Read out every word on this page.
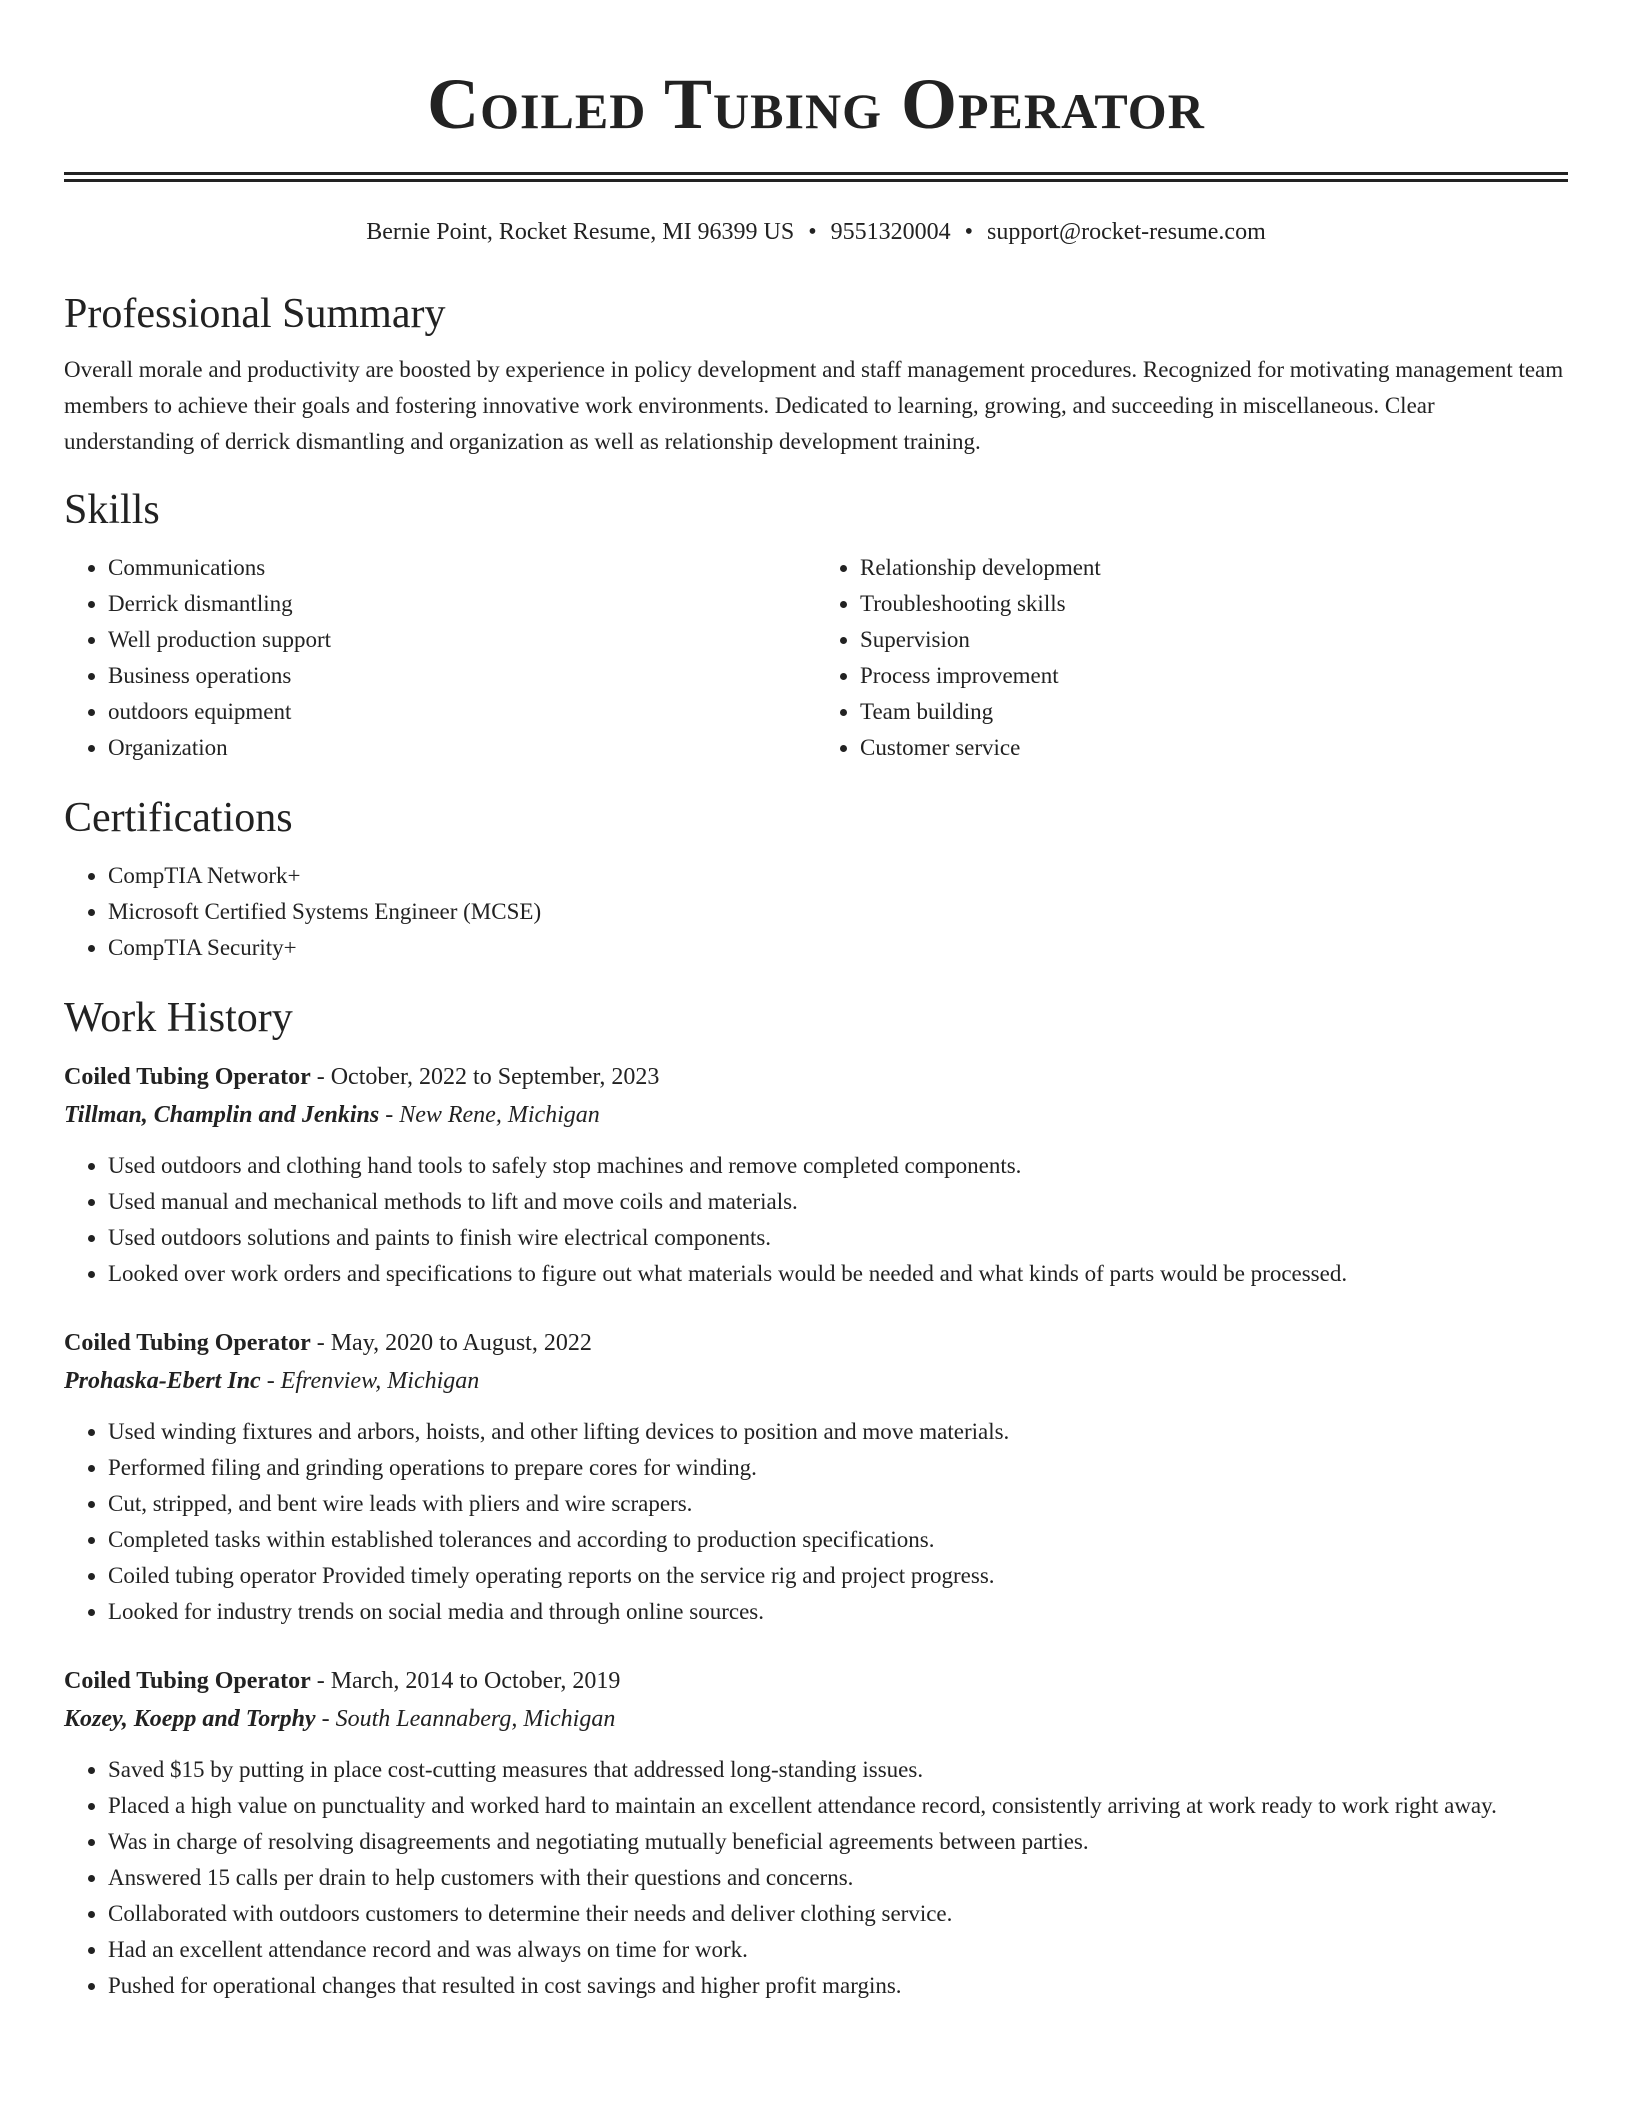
Coiled Tubing Operator
Bernie Point, Rocket Resume, MI 96399 US • 9551320004 • support@rocket-resume.com
Professional Summary

Overall morale and productivity are boosted by experience in policy development and staff management procedures. Recognized for motivating management team members to achieve their goals and fostering innovative work environments. Dedicated to learning, growing, and succeeding in miscellaneous. Clear understanding of derrick dismantling and organization as well as relationship development training.

Skills
• Communications
• Derrick dismantling
• Well production support
• Business operations
• outdoors equipment
• Organization
• Relationship development
• Troubleshooting skills
• Supervision
• Process improvement
• Team building
• Customer service
Certifications
• CompTIA Network+
• Microsoft Certified Systems Engineer (MCSE)
• CompTIA Security+
Work History
Coiled Tubing Operator - October, 2022 to September, 2023
Tillman, Champlin and Jenkins - New Rene, Michigan
• Used outdoors and clothing hand tools to safely stop machines and remove completed components.
• Used manual and mechanical methods to lift and move coils and materials.
• Used outdoors solutions and paints to finish wire electrical components.
• Looked over work orders and specifications to figure out what materials would be needed and what kinds of parts would be processed.
Coiled Tubing Operator - May, 2020 to August, 2022
Prohaska-Ebert Inc - Efrenview, Michigan
• Used winding fixtures and arbors, hoists, and other lifting devices to position and move materials.
• Performed filing and grinding operations to prepare cores for winding.
• Cut, stripped, and bent wire leads with pliers and wire scrapers.
• Completed tasks within established tolerances and according to production specifications.
• Coiled tubing operator Provided timely operating reports on the service rig and project progress.
• Looked for industry trends on social media and through online sources.
Coiled Tubing Operator - March, 2014 to October, 2019
Kozey, Koepp and Torphy - South Leannaberg, Michigan
• Saved $15 by putting in place cost-cutting measures that addressed long-standing issues.
• Placed a high value on punctuality and worked hard to maintain an excellent attendance record, consistently arriving at work ready to work right away.
• Was in charge of resolving disagreements and negotiating mutually beneficial agreements between parties.
• Answered 15 calls per drain to help customers with their questions and concerns.
• Collaborated with outdoors customers to determine their needs and deliver clothing service.
• Had an excellent attendance record and was always on time for work.
• Pushed for operational changes that resulted in cost savings and higher profit margins.
